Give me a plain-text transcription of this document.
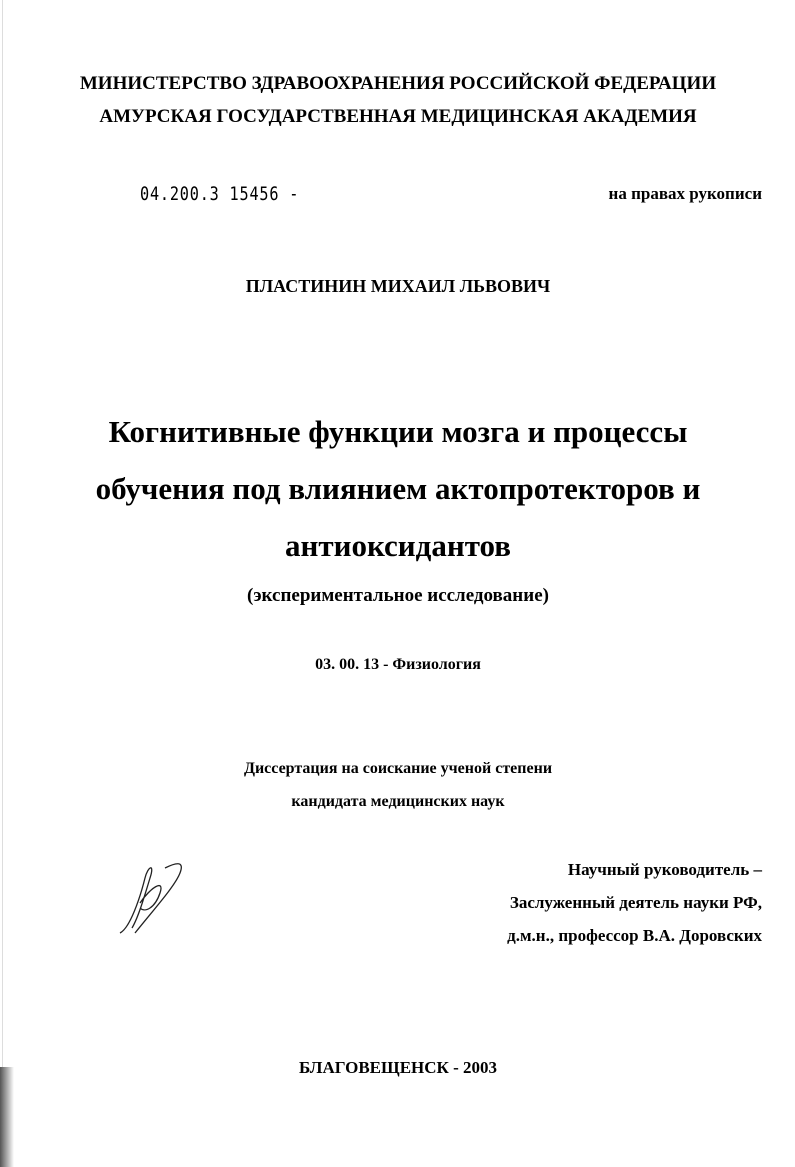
МИНИСТЕРСТВО ЗДРАВООХРАНЕНИЯ РОССИЙСКОЙ ФЕДЕРАЦИИ
АМУРСКАЯ ГОСУДАРСТВЕННАЯ МЕДИЦИНСКАЯ АКАДЕМИЯ
04.200.3 15456 -	на правах рукописи
ПЛАСТИНИН МИХАИЛ ЛЬВОВИЧ
Когнитивные функции мозга и процессы
обучения под влиянием актопротекторов и
антиоксидантов
(экспериментальное исследование)
03. 00. 13 - Физиология
Диссертация на соискание ученой степени
кандидата медицинских наук
Научный руководитель –
Заслуженный деятель науки РФ,
д.м.н., профессор В.А. Доровских
БЛАГОВЕЩЕНСК - 2003
